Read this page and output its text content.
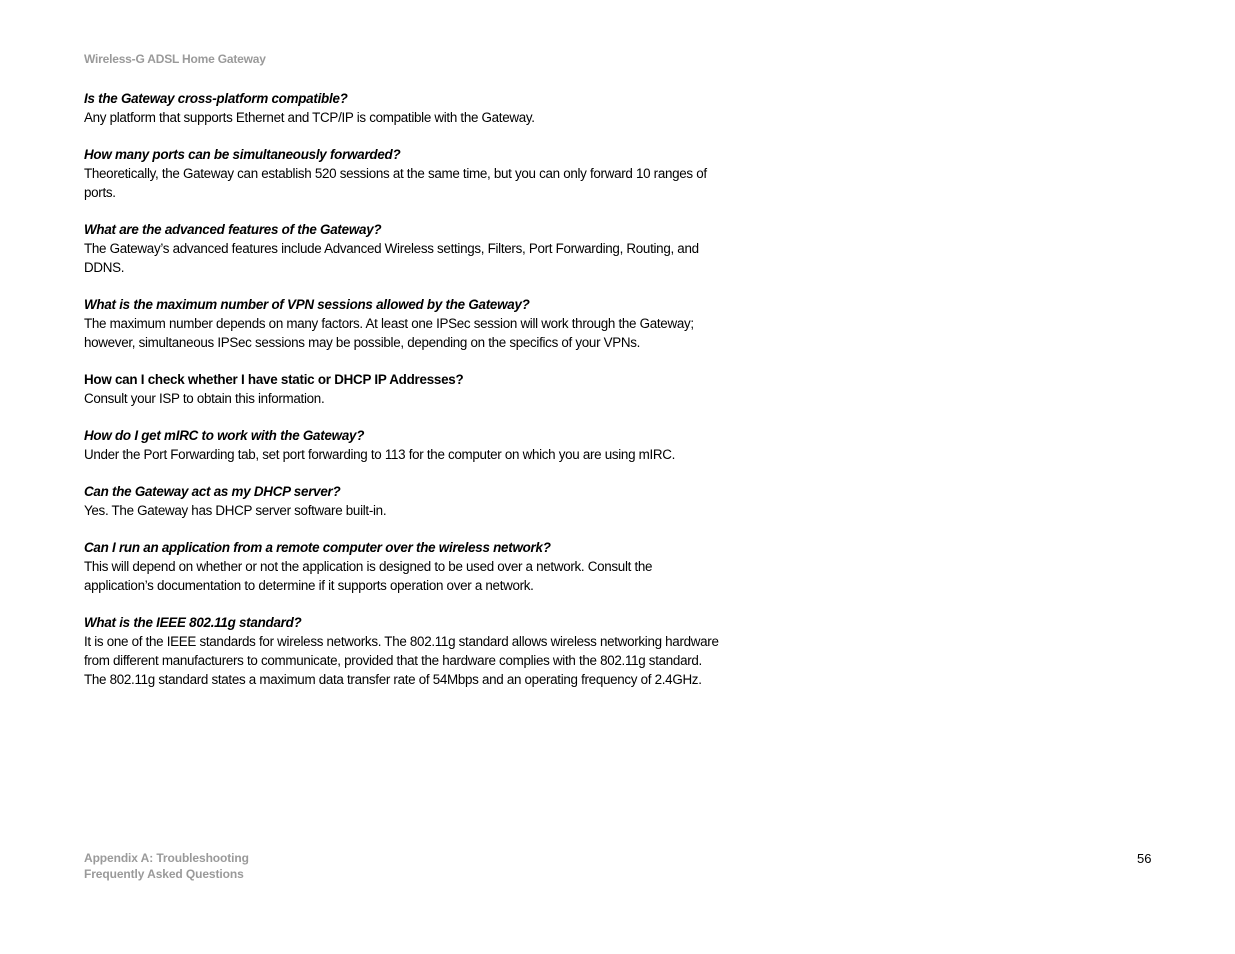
Wireless-G ADSL Home Gateway
Is the Gateway cross-platform compatible?
Any platform that supports Ethernet and TCP/IP is compatible with the Gateway.
How many ports can be simultaneously forwarded?
Theoretically, the Gateway can establish 520 sessions at the same time, but you can only forward 10 ranges of
ports.
What are the advanced features of the Gateway?
The Gateway’s advanced features include Advanced Wireless settings, Filters, Port Forwarding, Routing, and
DDNS.
What is the maximum number of VPN sessions allowed by the Gateway?
The maximum number depends on many factors. At least one IPSec session will work through the Gateway;
however, simultaneous IPSec sessions may be possible, depending on the specifics of your VPNs.
How can I check whether I have static or DHCP IP Addresses?
Consult your ISP to obtain this information.
How do I get mIRC to work with the Gateway?
Under the Port Forwarding tab, set port forwarding to 113 for the computer on which you are using mIRC.
Can the Gateway act as my DHCP server?
Yes. The Gateway has DHCP server software built-in.
Can I run an application from a remote computer over the wireless network?
This will depend on whether or not the application is designed to be used over a network. Consult the
application’s documentation to determine if it supports operation over a network.
What is the IEEE 802.11g standard?
It is one of the IEEE standards for wireless networks. The 802.11g standard allows wireless networking hardware
from different manufacturers to communicate, provided that the hardware complies with the 802.11g standard.
The 802.11g standard states a maximum data transfer rate of 54Mbps and an operating frequency of 2.4GHz.
Appendix A: Troubleshooting
Frequently Asked Questions
56
